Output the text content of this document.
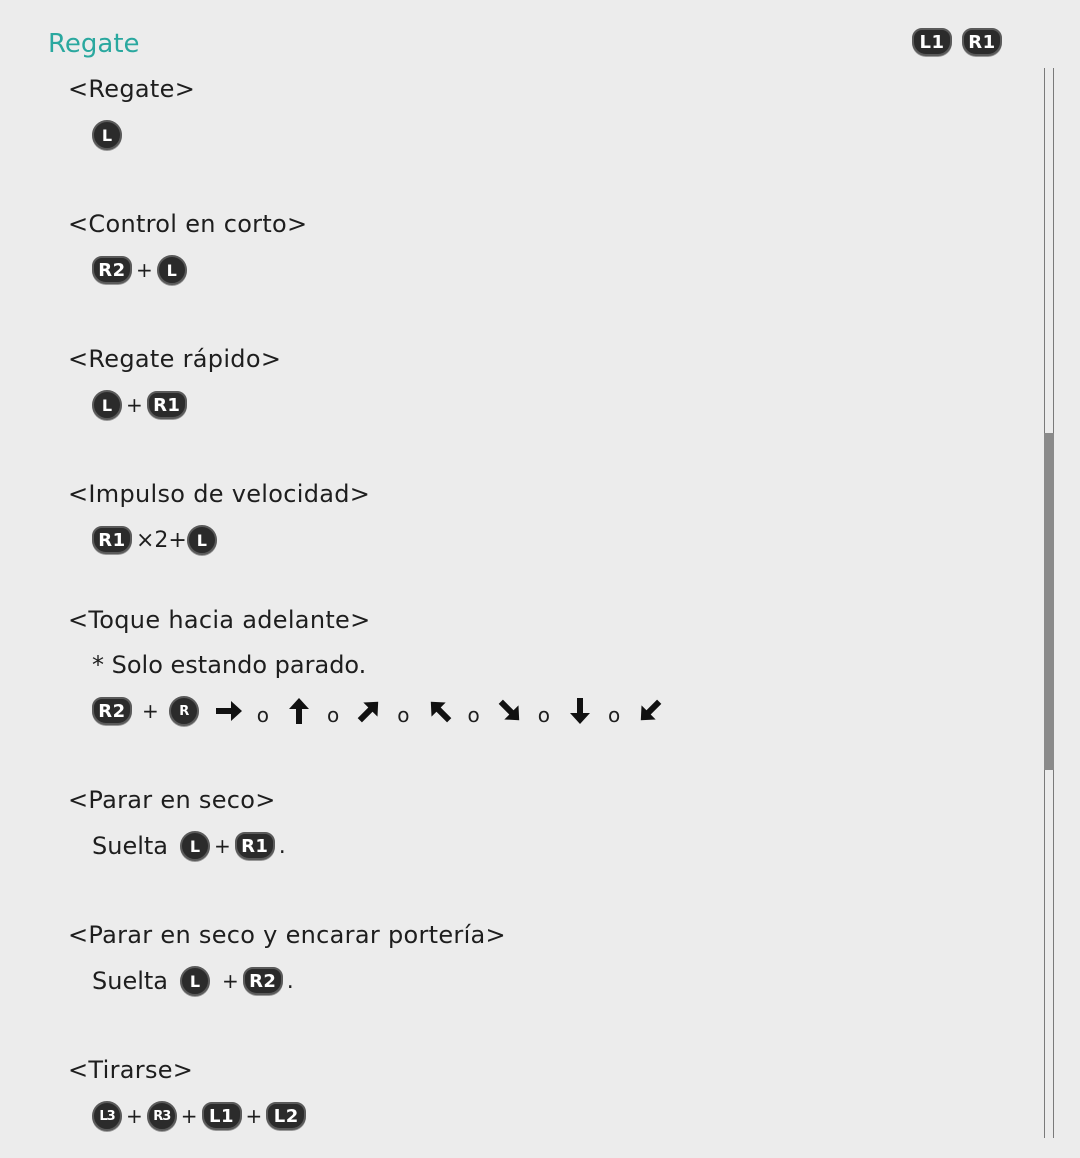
Regate	L1	R1
<Regate>
L
<Control en corto>
R2 + L
<Regate rápido>
L + R1
<Impulso de velocidad>
R1 ×2+ L
<Toque hacia adelante>
* Solo estando parado.
R2 +	R	o	o	o	o	o	o
<Parar en seco>
Suelta	L + R1 .
<Parar en seco y encarar portería>
Suelta	L	+ R2 .
<Tirarse>
L3 + R3 + L1 + L2
